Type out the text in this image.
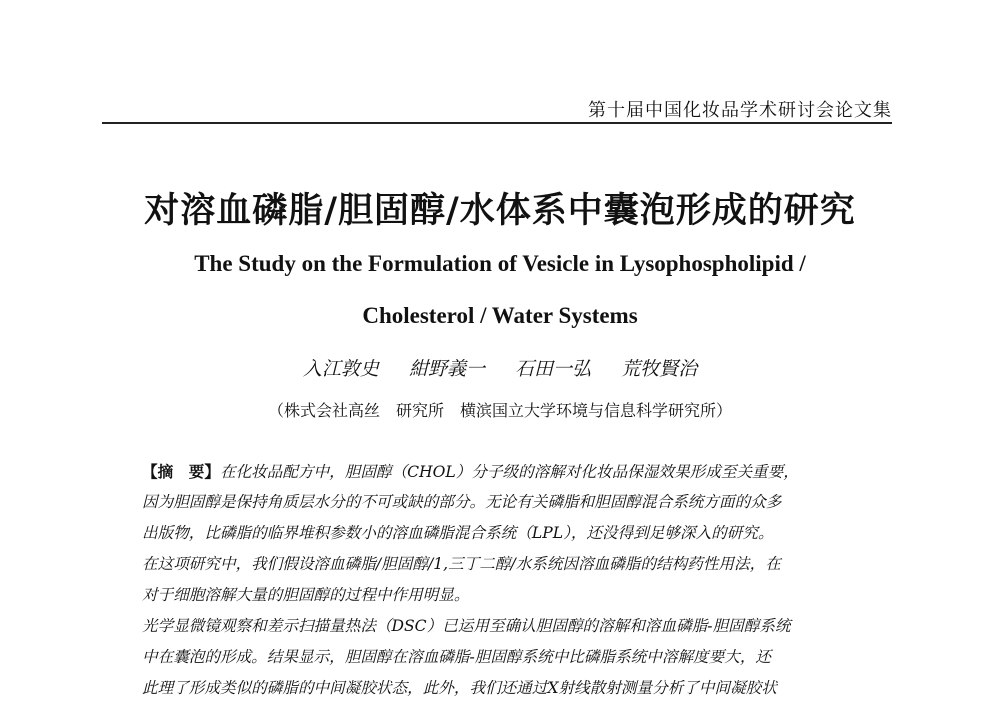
第十届中国化妆品学术研讨会论文集
对溶血磷脂/胆固醇/水体系中囊泡形成的研究
The Study on the Formulation of Vesicle in Lysophospholipid /
Cholesterol / Water Systems
入江敦史 紺野義一 石田一弘 荒牧賢治
（株式会社高丝　研究所　横滨国立大学环境与信息科学研究所）
【摘　要】在化妆品配方中，胆固醇（CHOL）分子级的溶解对化妆品保湿效果形成至关重要，
因为胆固醇是保持角质层水分的不可或缺的部分。无论有关磷脂和胆固醇混合系统方面的众多
出版物，比磷脂的临界堆积参数小的溶血磷脂混合系统（LPL），还没得到足够深入的研究。
在这项研究中，我们假设溶血磷脂/胆固醇/1,三丁二醇/水系统因溶血磷脂的结构药性用法，在
对于细胞溶解大量的胆固醇的过程中作用明显。
光学显微镜观察和差示扫描量热法（DSC）已运用至确认胆固醇的溶解和溶血磷脂-胆固醇系统
中在囊泡的形成。结果显示，胆固醇在溶血磷脂-胆固醇系统中比磷脂系统中溶解度要大，还
此理了形成类似的磷脂的中间凝胶状态，此外，我们还通过X射线散射测量分析了中间凝胶状
